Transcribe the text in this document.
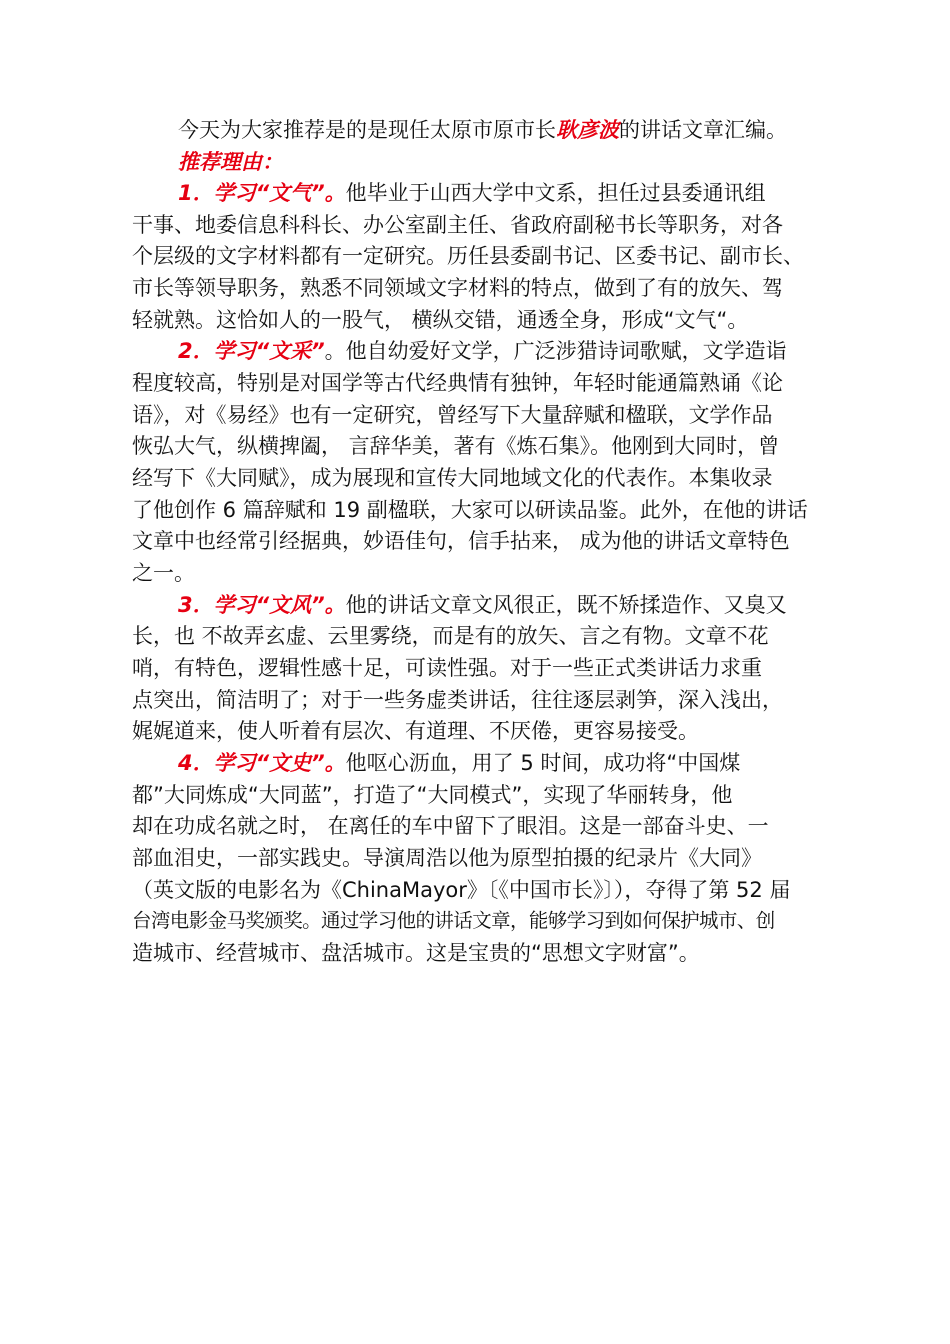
今天为大家推荐是的是现任太原市原市长耿彦波的讲话文章汇编。
推荐理由：
1．学习“文气”。他毕业于山西大学中文系，担任过县委通讯组
干事、地委信息科科长、办公室副主任、省政府副秘书长等职务，对各
个层级的文字材料都有一定研究。历任县委副书记、区委书记、副市长、
市长等领导职务，熟悉不同领域文字材料的特点，做到了有的放矢、驾
轻就熟。这恰如人的一股气， 横纵交错，通透全身，形成“文气“。
2．学习“文采”。他自幼爱好文学，广泛涉猎诗词歌赋，文学造诣
程度较高，特别是对国学等古代经典情有独钟，年轻时能通篇熟诵《论
语》，对《易经》也有一定研究，曾经写下大量辞赋和楹联，文学作品
恢弘大气，纵横捭阖， 言辞华美，著有《炼石集》。他刚到大同时，曾
经写下《大同赋》，成为展现和宣传大同地域文化的代表作。本集收录
了他创作 6 篇辞赋和 19 副楹联，大家可以研读品鉴。此外，在他的讲话
文章中也经常引经据典，妙语佳句，信手拈来， 成为他的讲话文章特色
之一。
3．学习“文风”。他的讲话文章文风很正，既不矫揉造作、又臭又
长，也 不故弄玄虚、云里雾绕，而是有的放矢、言之有物。文章不花
哨，有特色，逻辑性感十足，可读性强。对于一些正式类讲话力求重
点突出，简洁明了；对于一些务虚类讲话，往往逐层剥笋，深入浅出，
娓娓道来，使人听着有层次、有道理、不厌倦，更容易接受。
4．学习“文史”。他呕心沥血，用了 5 时间，成功将“中国煤
都”大同炼成“大同蓝”，打造了“大同模式”，实现了华丽转身，他
却在功成名就之时， 在离任的车中留下了眼泪。这是一部奋斗史、一
部血泪史，一部实践史。导演周浩以他为原型拍摄的纪录片《大同》
（英文版的电影名为《ChinaMayor》〔《中国市长》〕），夺得了第 52 届
台湾电影金马奖颁奖。通过学习他的讲话文章，能够学习到如何保护城市、创
造城市、经营城市、盘活城市。这是宝贵的“思想文字财富”。
